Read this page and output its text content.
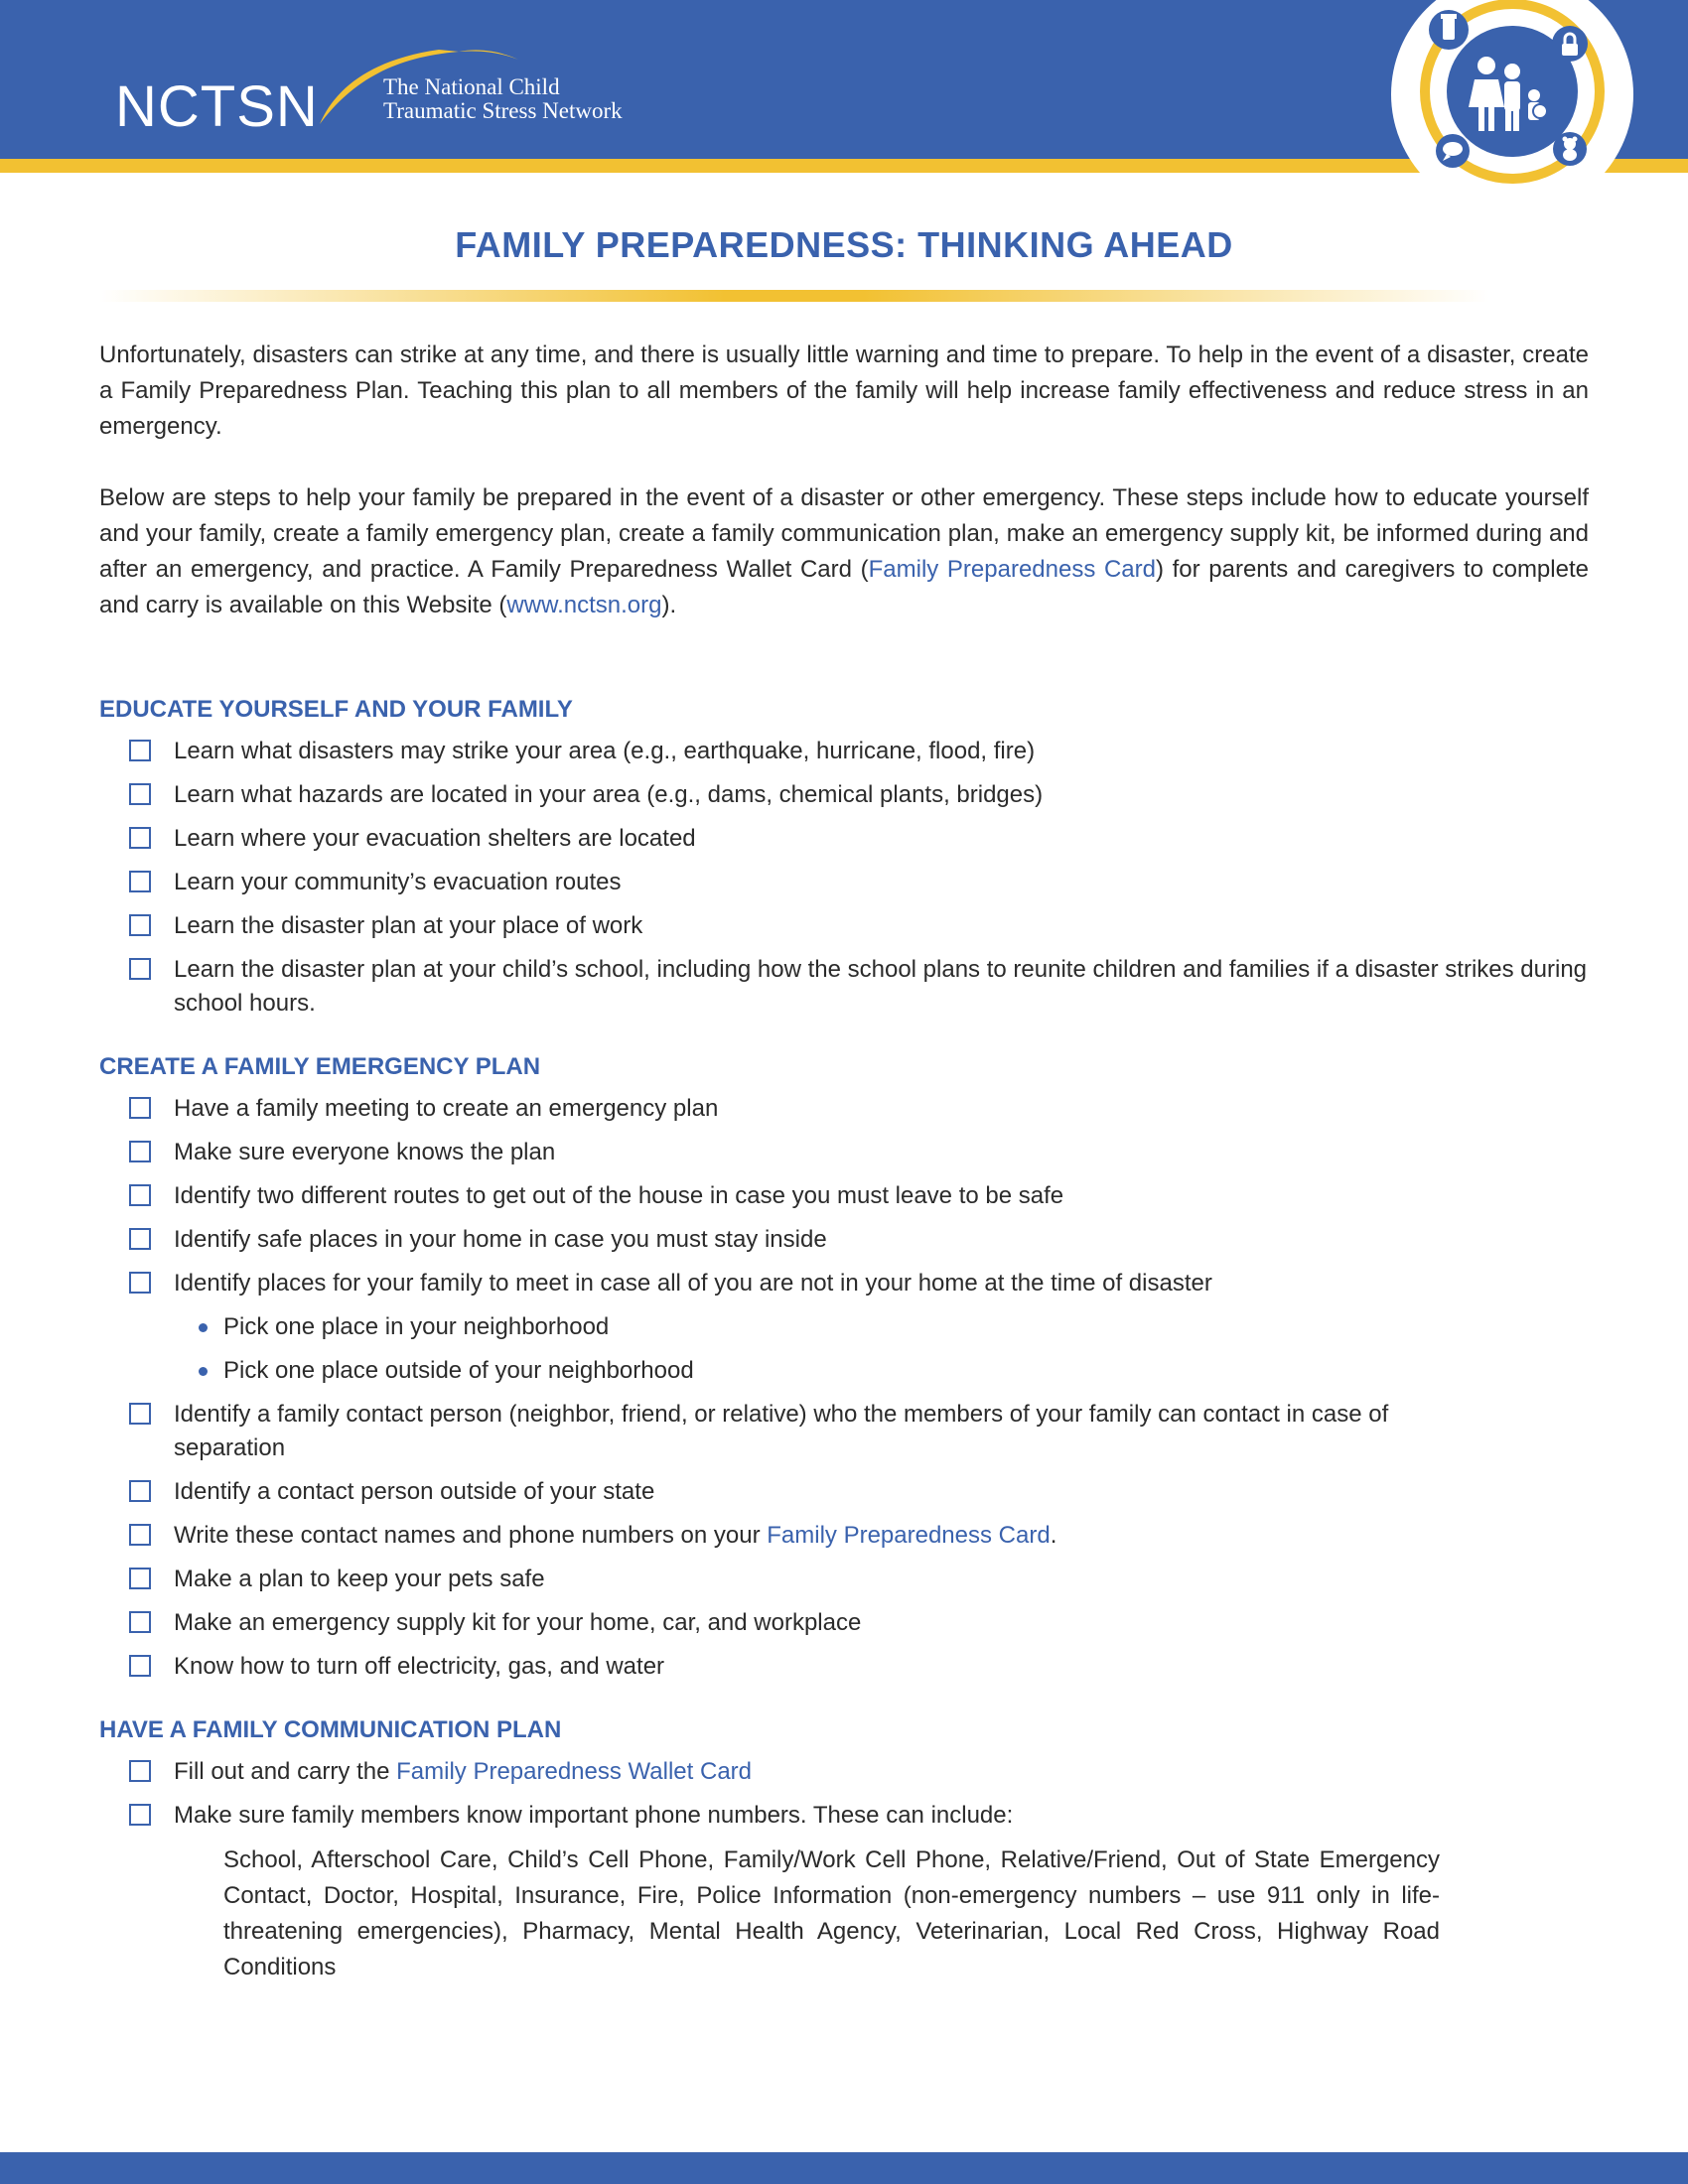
NCTSN	The National Child
Traumatic Stress Network
FAMILY PREPAREDNESS: THINKING AHEAD

Unfortunately, disasters can strike at any time, and there is usually little warning and time to prepare. To help in the event of a disaster, create a Family Preparedness Plan. Teaching this plan to all members of the family will help increase family effectiveness and reduce stress in an emergency.

Below are steps to help your family be prepared in the event of a disaster or other emergency. These steps include how to educate yourself and your family, create a family emergency plan, create a family communication plan, make an emergency supply kit, be informed during and after an emergency, and practice. A Family Preparedness Wallet Card (Family Preparedness Card) for parents and caregivers to complete and carry is available on this Website (www.nctsn.org).

EDUCATE YOURSELF AND YOUR FAMILY
Learn what disasters may strike your area (e.g., earthquake, hurricane, flood, fire)
Learn what hazards are located in your area (e.g., dams, chemical plants, bridges)
Learn where your evacuation shelters are located
Learn your community’s evacuation routes
Learn the disaster plan at your place of work
Learn the disaster plan at your child’s school, including how the school plans to reunite children and families if a disaster strikes during school hours.
CREATE A FAMILY EMERGENCY PLAN
Have a family meeting to create an emergency plan
Make sure everyone knows the plan
Identify two different routes to get out of the house in case you must leave to be safe
Identify safe places in your home in case you must stay inside
Identify places for your family to meet in case all of you are not in your home at the time of disaster
Pick one place in your neighborhood
Pick one place outside of your neighborhood
Identify a family contact person (neighbor, friend, or relative) who the members of your family can contact in case of separation
Identify a contact person outside of your state
Write these contact names and phone numbers on your Family Preparedness Card.
Make a plan to keep your pets safe
Make an emergency supply kit for your home, car, and workplace
Know how to turn off electricity, gas, and water
HAVE A FAMILY COMMUNICATION PLAN
Fill out and carry the Family Preparedness Wallet Card
Make sure family members know important phone numbers. These can include:

School, Afterschool Care, Child’s Cell Phone, Family/Work Cell Phone, Relative/Friend, Out of State Emergency Contact, Doctor, Hospital, Insurance, Fire, Police Information (non-emergency numbers – use 911 only in life-threatening emergencies), Pharmacy, Mental Health Agency, Veterinarian, Local Red Cross, Highway Road Conditions
